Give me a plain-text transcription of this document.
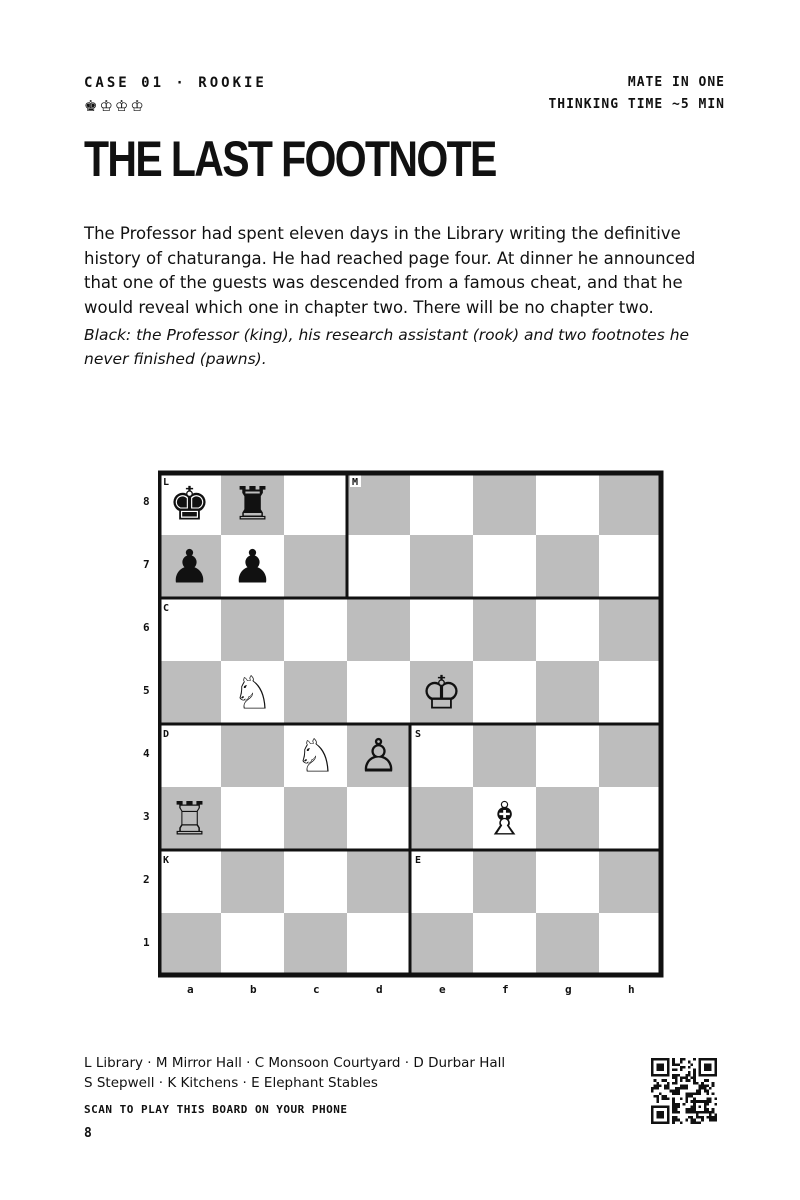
CASE 01 · ROOKIE
♚♔♔♔
MATE IN ONE
THINKING TIME ~5 MIN
THE LAST FOOTNOTE

The Professor had spent eleven days in the Library writing the definitive history of chaturanga. He had reached page four. At dinner he announced that one of the guests was descended from a famous cheat, and that he would reveal which one in chapter two. There will be no chapter two.

Black: the Professor (king), his research assistant (rook) and two footnotes he never finished (pawns).

L	M
C
D	S
K	E
♚ ♜
♟ ♟
♘	♔
♘ ♙
♖	♗
L Library · M Mirror Hall · C Monsoon Courtyard · D Durbar Hall
S Stepwell · K Kitchens · E Elephant Stables
SCAN TO PLAY THIS BOARD ON YOUR PHONE
8
8
7
6
5
4
3
2
1
a	b	c	d	e	f	g	h
